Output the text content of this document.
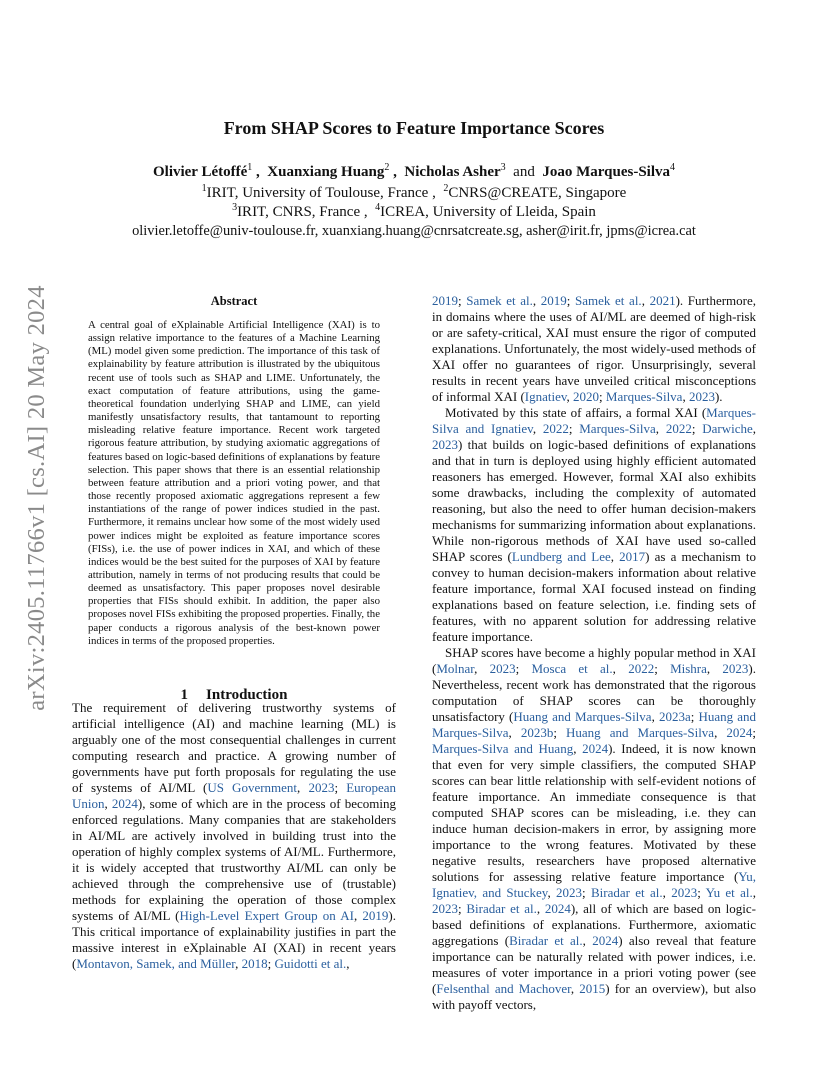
arXiv:2405.11766v1 [cs.AI] 20 May 2024
From SHAP Scores to Feature Importance Scores
Olivier Létoffé$^1$ ,  Xuanxiang Huang$^2$ ,  Nicholas Asher$^3$ and Joao Marques-Silva$^4$
$^1$IRIT, University of Toulouse, France , $^2$CNRS@CREATE, Singapore
$^3$IRIT, CNRS, France , $^4$ICREA, University of Lleida, Spain
olivier.letoffe@univ-toulouse.fr, xuanxiang.huang@cnrsatcreate.sg, asher@irit.fr, jpms@icrea.cat
Abstract

A central goal of eXplainable Artificial Intelligence (XAI) is to assign relative importance to the features of a Machine Learning (ML) model given some prediction. The importance of this task of explainability by feature attribution is illustrated by the ubiquitous recent use of tools such as SHAP and LIME. Unfortunately, the exact computation of feature attributions, using the game-theoretical foundation underlying SHAP and LIME, can yield manifestly unsatisfactory results, that tantamount to reporting misleading relative feature importance. Recent work targeted rigorous feature attribution, by studying axiomatic aggregations of features based on logic-based definitions of explanations by feature selection. This paper shows that there is an essential relationship between feature attribution and a priori voting power, and that those recently proposed axiomatic aggregations represent a few instantiations of the range of power indices studied in the past. Furthermore, it remains unclear how some of the most widely used power indices might be exploited as feature importance scores (FISs), i.e. the use of power indices in XAI, and which of these indices would be the best suited for the purposes of XAI by feature attribution, namely in terms of not producing results that could be deemed as unsatisfactory. This paper proposes novel desirable properties that FISs should exhibit. In addition, the paper also proposes novel FISs exhibiting the proposed properties. Finally, the paper conducts a rigorous analysis of the best-known power indices in terms of the proposed properties.

1 Introduction

The requirement of delivering trustworthy systems of artificial intelligence (AI) and machine learning (ML) is arguably one of the most consequential challenges in current computing research and practice. A growing number of governments have put forth proposals for regulating the use of systems of AI/ML (US Government, 2023; European Union, 2024), some of which are in the process of becoming enforced regulations. Many companies that are stakeholders in AI/ML are actively involved in building trust into the operation of highly complex systems of AI/ML. Furthermore, it is widely accepted that trustworthy AI/ML can only be achieved through the comprehensive use of (trustable) methods for explaining the operation of those complex systems of AI/ML (High-Level Expert Group on AI, 2019). This critical importance of explainability justifies in part the massive interest in eXplainable AI (XAI) in recent years (Montavon, Samek, and Müller, 2018; Guidotti et al.,

2019; Samek et al., 2019; Samek et al., 2021). Furthermore, in domains where the uses of AI/ML are deemed of high-risk or are safety-critical, XAI must ensure the rigor of computed explanations. Unfortunately, the most widely-used methods of XAI offer no guarantees of rigor. Unsurprisingly, several results in recent years have unveiled critical misconceptions of informal XAI (Ignatiev, 2020; Marques-Silva, 2023).

Motivated by this state of affairs, a formal XAI (Marques-Silva and Ignatiev, 2022; Marques-Silva, 2022; Darwiche, 2023) that builds on logic-based definitions of explanations and that in turn is deployed using highly efficient automated reasoners has emerged. However, formal XAI also exhibits some drawbacks, including the complexity of automated reasoning, but also the need to offer human decision-makers mechanisms for summarizing information about explanations. While non-rigorous methods of XAI have used so-called SHAP scores (Lundberg and Lee, 2017) as a mechanism to convey to human decision-makers information about relative feature importance, formal XAI focused instead on finding explanations based on feature selection, i.e. finding sets of features, with no apparent solution for addressing relative feature importance.

SHAP scores have become a highly popular method in XAI (Molnar, 2023; Mosca et al., 2022; Mishra, 2023). Nevertheless, recent work has demonstrated that the rigorous computation of SHAP scores can be thoroughly unsatisfactory (Huang and Marques-Silva, 2023a; Huang and Marques-Silva, 2023b; Huang and Marques-Silva, 2024; Marques-Silva and Huang, 2024). Indeed, it is now known that even for very simple classifiers, the computed SHAP scores can bear little relationship with self-evident notions of feature importance. An immediate consequence is that computed SHAP scores can be misleading, i.e. they can induce human decision-makers in error, by assigning more importance to the wrong features. Motivated by these negative results, researchers have proposed alternative solutions for assessing relative feature importance (Yu, Ignatiev, and Stuckey, 2023; Biradar et al., 2023; Yu et al., 2023; Biradar et al., 2024), all of which are based on logic-based definitions of explanations. Furthermore, axiomatic aggregations (Biradar et al., 2024) also reveal that feature importance can be naturally related with power indices, i.e. measures of voter importance in a priori voting power (see (Felsenthal and Machover, 2015) for an overview), but also with payoff vectors,
